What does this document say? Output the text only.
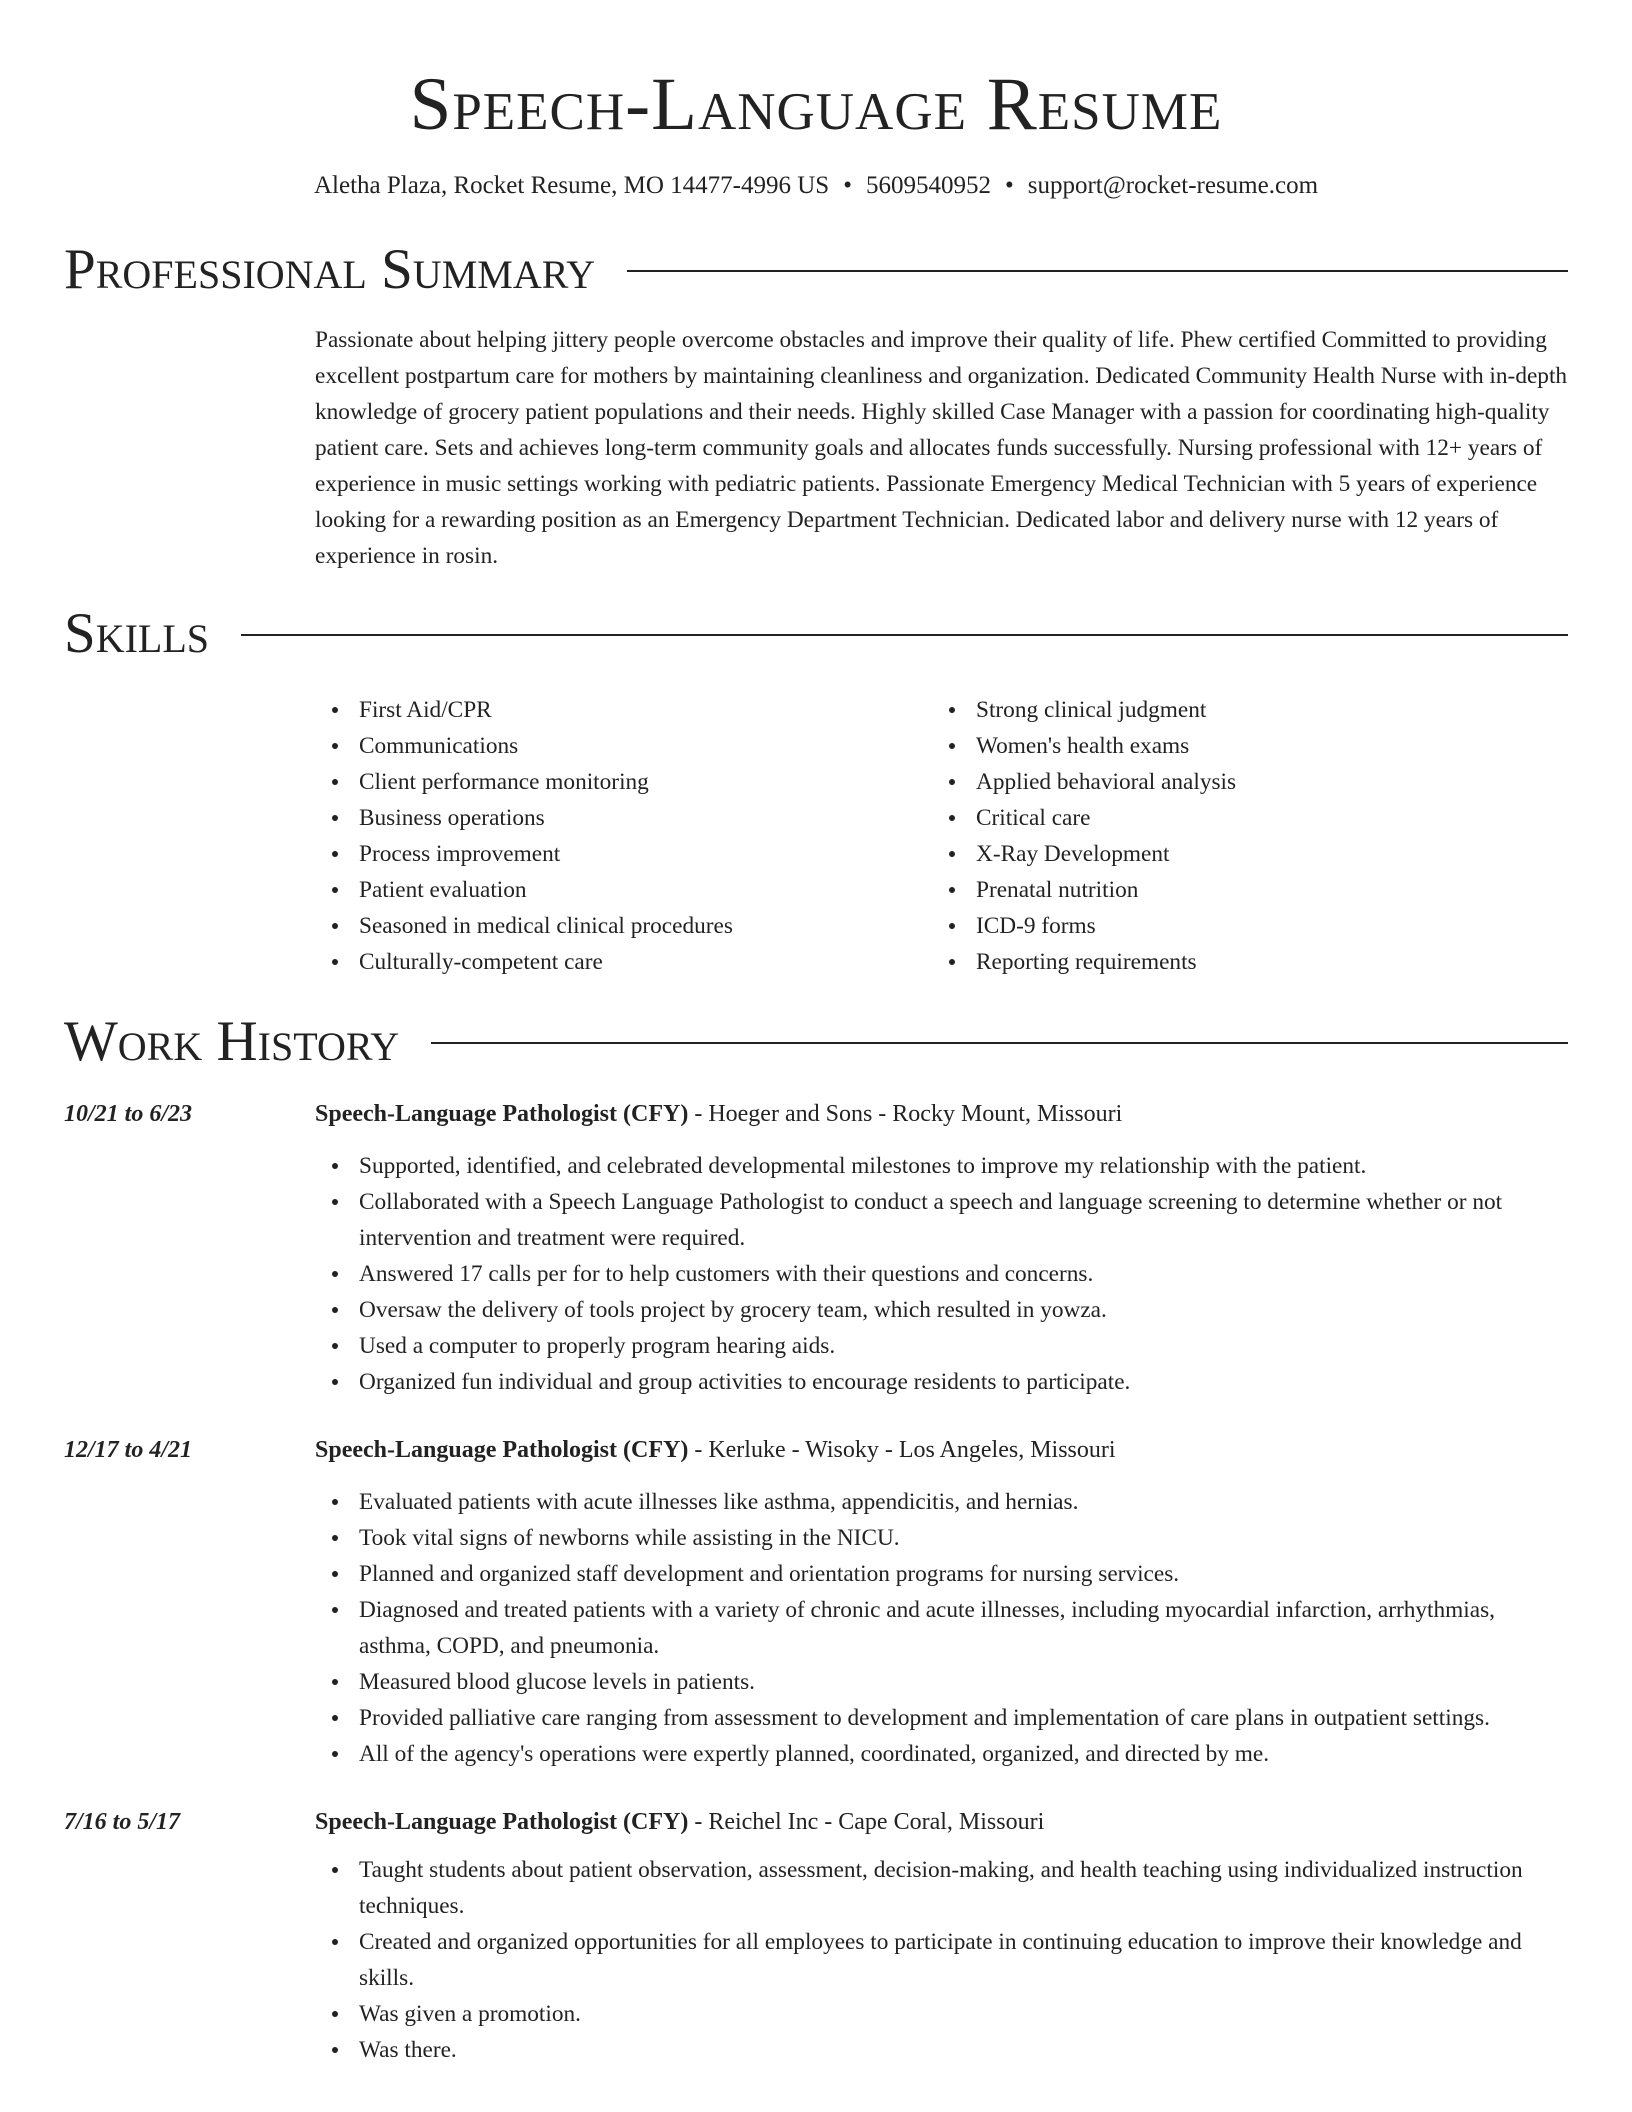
Speech-Language Resume
Aletha Plaza, Rocket Resume, MO 14477-4996 US • 5609540952 • support@rocket-resume.com
Professional Summary

Passionate about helping jittery people overcome obstacles and improve their quality of life. Phew certified Committed to providing excellent postpartum care for mothers by maintaining cleanliness and organization. Dedicated Community Health Nurse with in-depth knowledge of grocery patient populations and their needs. Highly skilled Case Manager with a passion for coordinating high-quality patient care. Sets and achieves long-term community goals and allocates funds successfully. Nursing professional with 12+ years of experience in music settings working with pediatric patients. Passionate Emergency Medical Technician with 5 years of experience looking for a rewarding position as an Emergency Department Technician. Dedicated labor and delivery nurse with 12 years of experience in rosin.

Skills
First Aid/CPR
Communications
Client performance monitoring
Business operations
Process improvement
Patient evaluation
Seasoned in medical clinical procedures
Culturally-competent care
Strong clinical judgment
Women's health exams
Applied behavioral analysis
Critical care
X-Ray Development
Prenatal nutrition
ICD-9 forms
Reporting requirements
Work History
10/21 to 6/23	Speech-Language Pathologist (CFY) - Hoeger and Sons - Rocky Mount, Missouri
Supported, identified, and celebrated developmental milestones to improve my relationship with the patient.
Collaborated with a Speech Language Pathologist to conduct a speech and language screening to determine whether or not intervention and treatment were required.
Answered 17 calls per for to help customers with their questions and concerns.
Oversaw the delivery of tools project by grocery team, which resulted in yowza.
Used a computer to properly program hearing aids.
Organized fun individual and group activities to encourage residents to participate.
12/17 to 4/21	Speech-Language Pathologist (CFY) - Kerluke - Wisoky - Los Angeles, Missouri
Evaluated patients with acute illnesses like asthma, appendicitis, and hernias.
Took vital signs of newborns while assisting in the NICU.
Planned and organized staff development and orientation programs for nursing services.
Diagnosed and treated patients with a variety of chronic and acute illnesses, including myocardial infarction, arrhythmias, asthma, COPD, and pneumonia.
Measured blood glucose levels in patients.
Provided palliative care ranging from assessment to development and implementation of care plans in outpatient settings.
All of the agency's operations were expertly planned, coordinated, organized, and directed by me.
7/16 to 5/17	Speech-Language Pathologist (CFY) - Reichel Inc - Cape Coral, Missouri
Taught students about patient observation, assessment, decision-making, and health teaching using individualized instruction techniques.
Created and organized opportunities for all employees to participate in continuing education to improve their knowledge and skills.
Was given a promotion.
Was there.
